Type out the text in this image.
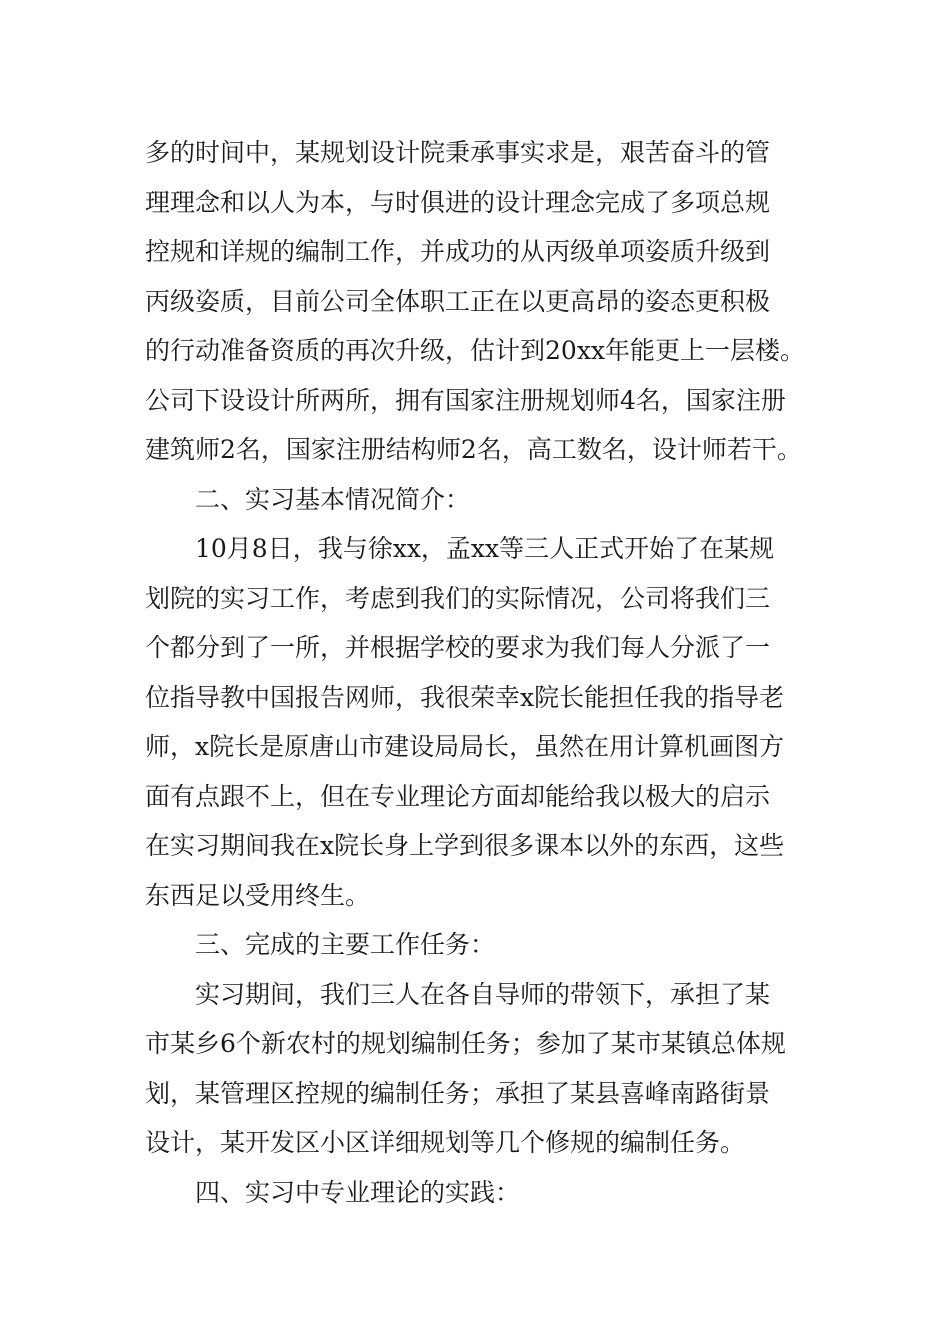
多的时间中，某规划设计院秉承事实求是，艰苦奋斗的管
理理念和以人为本，与时俱进的设计理念完成了多项总规
控规和详规的编制工作，并成功的从丙级单项姿质升级到
丙级姿质，目前公司全体职工正在以更高昂的姿态更积极
的行动准备资质的再次升级，估计到20xx年能更上一层楼。
公司下设设计所两所，拥有国家注册规划师4名，国家注册
建筑师2名，国家注册结构师2名，高工数名，设计师若干。
二、实习基本情况简介：
10月8日，我与徐xx，孟xx等三人正式开始了在某规
划院的实习工作，考虑到我们的实际情况，公司将我们三
个都分到了一所，并根据学校的要求为我们每人分派了一
位指导教中国报告网师，我很荣幸x院长能担任我的指导老
师，x院长是原唐山市建设局局长，虽然在用计算机画图方
面有点跟不上，但在专业理论方面却能给我以极大的启示
在实习期间我在x院长身上学到很多课本以外的东西，这些
东西足以受用终生。
三、完成的主要工作任务：
实习期间，我们三人在各自导师的带领下，承担了某
市某乡6个新农村的规划编制任务；参加了某市某镇总体规
划，某管理区控规的编制任务；承担了某县喜峰南路街景
设计，某开发区小区详细规划等几个修规的编制任务。
四、实习中专业理论的实践：
